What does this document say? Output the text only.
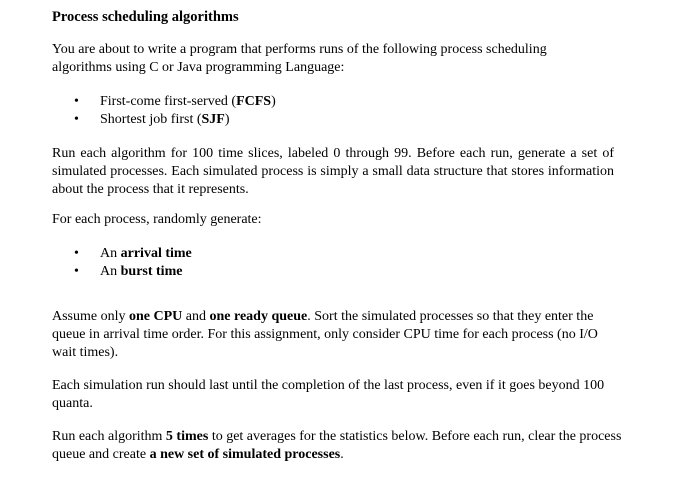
Process scheduling algorithms

You are about to write a program that performs runs of the following process scheduling algorithms using C or Java programming Language:

• First-come first-served (FCFS)
• Shortest job first (SJF)

Run each algorithm for 100 time slices, labeled 0 through 99. Before each run, generate a set of simulated processes. Each simulated process is simply a small data structure that stores information about the process that it represents.

For each process, randomly generate:

• An arrival time
• An burst time

Assume only one CPU and one ready queue. Sort the simulated processes so that they enter the queue in arrival time order. For this assignment, only consider CPU time for each process (no I/O wait times).

Each simulation run should last until the completion of the last process, even if it goes beyond 100 quanta.

Run each algorithm 5 times to get averages for the statistics below. Before each run, clear the process queue and create a new set of simulated processes.
